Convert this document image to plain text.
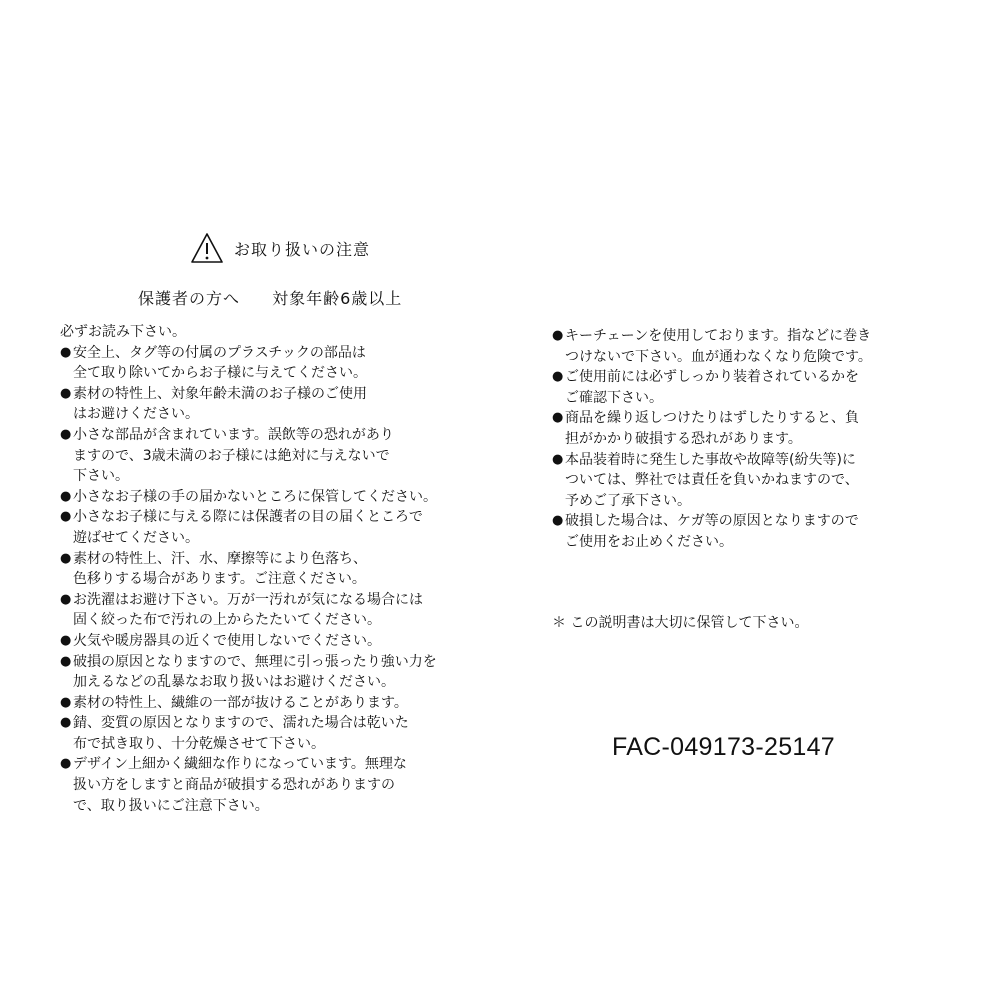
お取り扱いの注意
保護者の方へ 対象年齢6歳以上
必ずお読み下さい。
● 安全上、タグ等の付属のプラスチックの部品は
全て取り除いてからお子様に与えてください。
● 素材の特性上、対象年齢未満のお子様のご使用
はお避けください。
● 小さな部品が含まれています。誤飲等の恐れがあり
ますので、3歳未満のお子様には絶対に与えないで
下さい。
● 小さなお子様の手の届かないところに保管してください。
● 小さなお子様に与える際には保護者の目の届くところで
遊ばせてください。
● 素材の特性上、汗、水、摩擦等により色落ち、
色移りする場合があります。ご注意ください。
● お洗濯はお避け下さい。万が一汚れが気になる場合には
固く絞った布で汚れの上からたたいてください。
● 火気や暖房器具の近くで使用しないでください。
● 破損の原因となりますので、無理に引っ張ったり強い力を
加えるなどの乱暴なお取り扱いはお避けください。
● 素材の特性上、繊維の一部が抜けることがあります。
● 錆、変質の原因となりますので、濡れた場合は乾いた
布で拭き取り、十分乾燥させて下さい。
● デザイン上細かく繊細な作りになっています。無理な
扱い方をしますと商品が破損する恐れがありますの
で、取り扱いにご注意下さい。
● キーチェーンを使用しております。指などに巻き
つけないで下さい。血が通わなくなり危険です。
● ご使用前には必ずしっかり装着されているかを
ご確認下さい。
● 商品を繰り返しつけたりはずしたりすると、負
担がかかり破損する恐れがあります。
● 本品装着時に発生した事故や故障等(紛失等)に
ついては、弊社では責任を負いかねますので、
予めご了承下さい。
● 破損した場合は、ケガ等の原因となりますので
ご使用をお止めください。
＊ この説明書は大切に保管して下さい。
FAC-049173-25147
